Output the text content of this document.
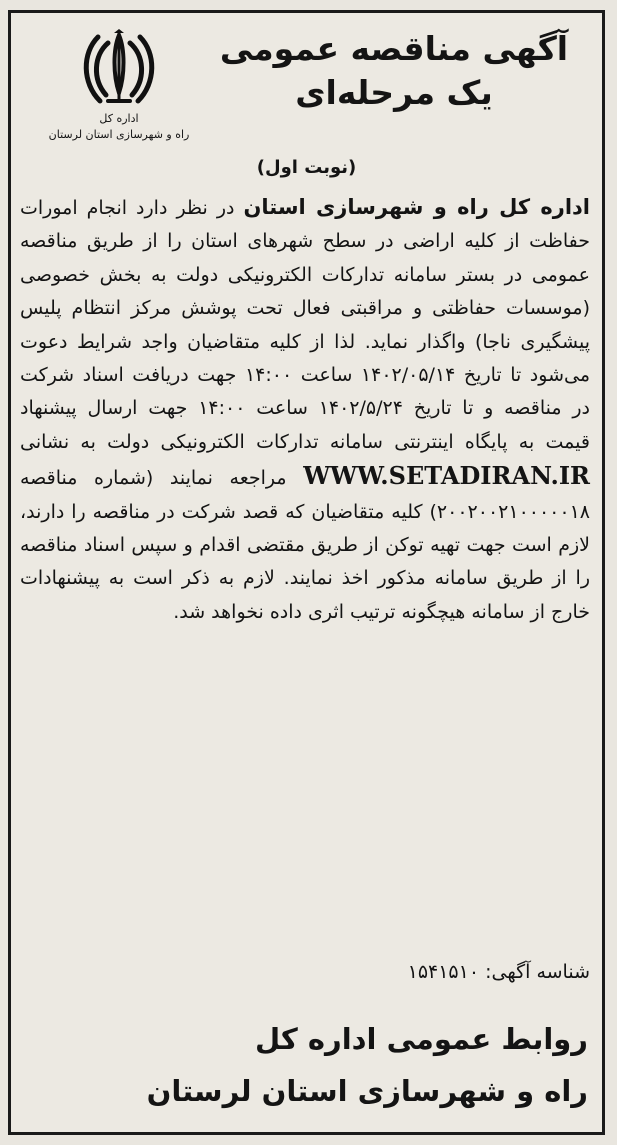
اداره کل

راه و شهرسازی استان لرستان

آگهی مناقصه عمومی

یک مرحله‌ای

(نوبت اول)

اداره کل راه و شهرسازی استان در نظر دارد انجام امورات حفاظت از کلیه اراضی در سطح شهرهای استان را از طریق مناقصه عمومی در بستر سامانه تدارکات الکترونیکی دولت به بخش خصوصی (موسسات حفاظتی و مراقبتی فعال تحت پوشش مرکز انتظام پلیس پیشگیری ناجا) واگذار نماید. لذا از کلیه متقاضیان واجد شرایط دعوت می‌شود تا تاریخ ۱۴۰۲/۰۵/۱۴ ساعت ۱۴:۰۰ جهت دریافت اسناد شرکت در مناقصه و تا تاریخ ۱۴۰۲/۵/۲۴ ساعت ۱۴:۰۰ جهت ارسال پیشنهاد قیمت به پایگاه اینترنتی سامانه تدارکات الکترونیکی دولت به نشانی WWW.SETADIRAN.IR مراجعه نمایند (شماره مناقصه ۲۰۰۲۰۰۲۱۰۰۰۰۰۱۸) کلیه متقاضیان که قصد شرکت در مناقصه را دارند، لازم است جهت تهیه توکن از طریق مقتضی اقدام و سپس اسناد مناقصه را از طریق سامانه مذکور اخذ نمایند. لازم به ذکر است به پیشنهادات خارج از سامانه هیچگونه ترتیب اثری داده نخواهد شد.

شناسه آگهی: ۱۵۴۱۵۱۰

روابط عمومی اداره کل

راه و شهرسازی استان لرستان
